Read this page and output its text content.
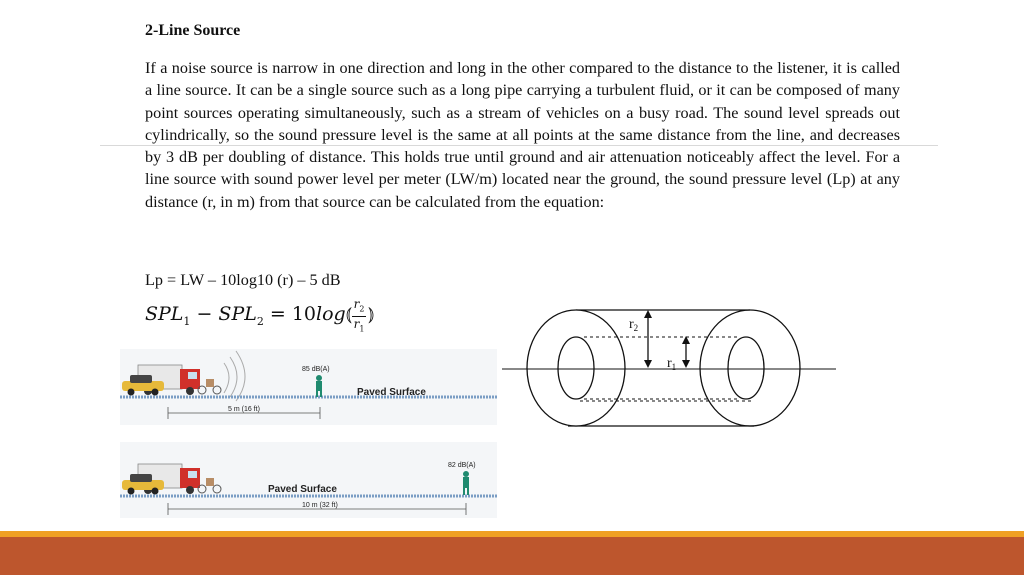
2-Line Source

If a noise source is narrow in one direction and long in the other compared to the distance to the listener, it is called a line source. It can be a single source such as a long pipe carrying a turbulent fluid, or it can be composed of many point sources operating simultaneously, such as a stream of vehicles on a busy road. The sound level spreads out cylindrically, so the sound pressure level is the same at all points at the same distance from the line, and decreases by 3 dB per doubling of distance. This holds true until ground and air attenuation noticeably affect the level. For a line source with sound power level per meter (LW/m) located near the ground, the sound pressure level (Lp) at any distance (r, in m) from that source can be calculated from the equation:

Lp = LW – 10log10 (r) – 5 dB
$SPL_1 - SPL_2$ = 10log⦅ ⦆
$r_2$
$r_1$
85 dB(A)
Paved Surface
5 m (16 ft)
82 dB(A)
Paved Surface
10 m (32 ft)
$r_2$
$r_1$
